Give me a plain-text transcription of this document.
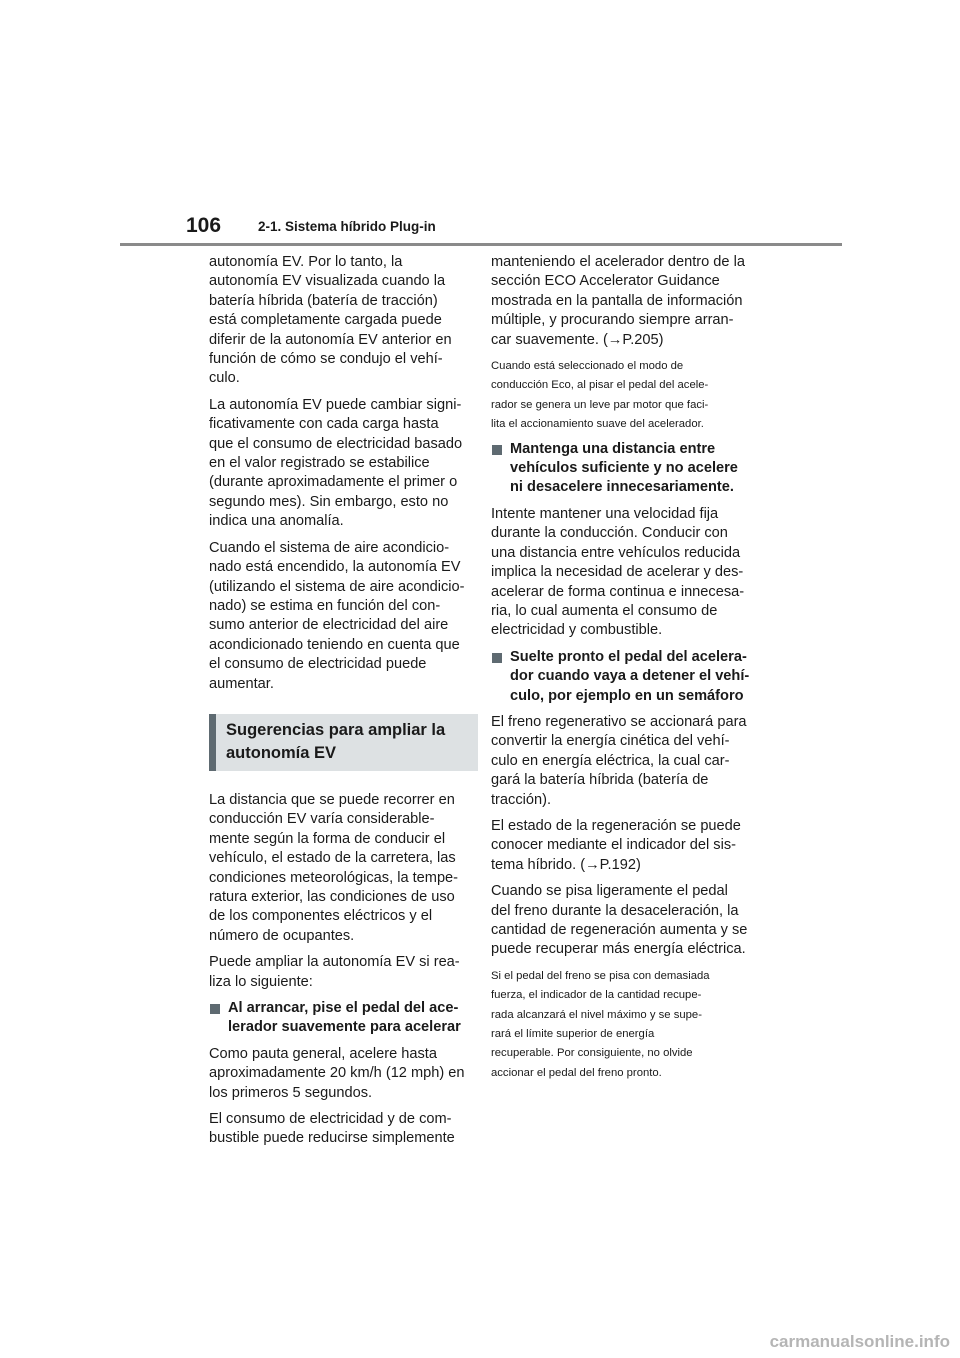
106	2-1. Sistema híbrido Plug-in

autonomía EV. Por lo tanto, la
autonomía EV visualizada cuando la
batería híbrida (batería de tracción)
está completamente cargada puede
diferir de la autonomía EV anterior en
función de cómo se condujo el vehí-
culo.

La autonomía EV puede cambiar signi-
ficativamente con cada carga hasta
que el consumo de electricidad basado
en el valor registrado se estabilice
(durante aproximadamente el primer o
segundo mes). Sin embargo, esto no
indica una anomalía.

Cuando el sistema de aire acondicio-
nado está encendido, la autonomía EV
(utilizando el sistema de aire acondicio-
nado) se estima en función del con-
sumo anterior de electricidad del aire
acondicionado teniendo en cuenta que
el consumo de electricidad puede
aumentar.

Sugerencias para ampliar la
autonomía EV

La distancia que se puede recorrer en
conducción EV varía considerable-
mente según la forma de conducir el
vehículo, el estado de la carretera, las
condiciones meteorológicas, la tempe-
ratura exterior, las condiciones de uso
de los componentes eléctricos y el
número de ocupantes.

Puede ampliar la autonomía EV si rea-
liza lo siguiente:

Al arrancar, pise el pedal del ace-
lerador suavemente para acelerar

Como pauta general, acelere hasta
aproximadamente 20 km/h (12 mph) en
los primeros 5 segundos.

El consumo de electricidad y de com-
bustible puede reducirse simplemente

manteniendo el acelerador dentro de la
sección ECO Accelerator Guidance
mostrada en la pantalla de información
múltiple, y procurando siempre arran-
car suavemente. (→P.205)

Cuando está seleccionado el modo de
conducción Eco, al pisar el pedal del acele-
rador se genera un leve par motor que faci-
lita el accionamiento suave del acelerador.

Mantenga una distancia entre
vehículos suficiente y no acelere
ni desacelere innecesariamente.

Intente mantener una velocidad fija
durante la conducción. Conducir con
una distancia entre vehículos reducida
implica la necesidad de acelerar y des-
acelerar de forma continua e innecesa-
ria, lo cual aumenta el consumo de
electricidad y combustible.

Suelte pronto el pedal del acelera-
dor cuando vaya a detener el vehí-
culo, por ejemplo en un semáforo

El freno regenerativo se accionará para
convertir la energía cinética del vehí-
culo en energía eléctrica, la cual car-
gará la batería híbrida (batería de
tracción).

El estado de la regeneración se puede
conocer mediante el indicador del sis-
tema híbrido. (→P.192)

Cuando se pisa ligeramente el pedal
del freno durante la desaceleración, la
cantidad de regeneración aumenta y se
puede recuperar más energía eléctrica.

Si el pedal del freno se pisa con demasiada
fuerza, el indicador de la cantidad recupe-
rada alcanzará el nivel máximo y se supe-
rará el límite superior de energía
recuperable. Por consiguiente, no olvide
accionar el pedal del freno pronto.

carmanualsonline.info
